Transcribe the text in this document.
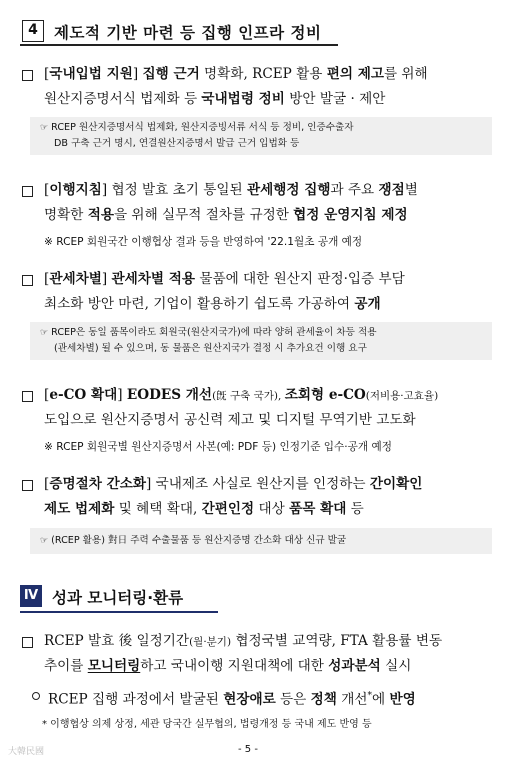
4	제도적 기반 마련 등 집행 인프라 정비
[국내입법 지원] 집행 근거 명확화, RCEP 활용 편의 제고를 위해
원산지증명서식 법제화 등 국내법령 정비 방안 발굴 · 제안
☞ RCEP 원산지증명서식 법제화, 원산지증빙서류 서식 등 정비, 인증수출자
DB 구축 근거 명시, 연결원산지증명서 발급 근거 입법화 등
[이행지침] 협정 발효 초기 통일된 관세행정 집행과 주요 쟁점별
명확한 적용을 위해 실무적 절차를 규정한 협정 운영지침 제정
※ RCEP 회원국간 이행협상 결과 등을 반영하여 '22.1월초 공개 예정
[관세차별] 관세차별 적용 물품에 대한 원산지 판정·입증 부담
최소화 방안 마련, 기업이 활용하기 쉽도록 가공하여 공개
☞ RCEP은 동일 품목이라도 회원국(원산지국가)에 따라 양허 관세율이 차등 적용
(관세차별) 될 수 있으며, 동 물품은 원산지국가 결정 시 추가요건 이행 요구
[e-CO 확대] EODES 개선(旣 구축 국가), 조회형 e-CO(저비용·고효율)
도입으로 원산지증명서 공신력 제고 및 디지털 무역기반 고도화
※ RCEP 회원국별 원산지증명서 사본(예: PDF 등) 인정기준 입수·공개 예정
[증명절차 간소화] 국내제조 사실로 원산지를 인정하는 간이확인
제도 법제화 및 혜택 확대, 간편인정 대상 품목 확대 등
☞ (RCEP 활용) 對日 주력 수출물품 등 원산지증명 간소화 대상 신규 발굴
Ⅳ 성과 모니터링·환류
RCEP 발효 後 일정기간(월·분기) 협정국별 교역량, FTA 활용률 변동
추이를 모니터링하고 국내이행 지원대책에 대한 성과분석 실시
RCEP 집행 과정에서 발굴된 현장애로 등은 정책 개선*에 반영
* 이행협상 의제 상정, 세관 당국간 실무협의, 법령개정 등 국내 제도 반영 등
大韓民國	- 5 -
